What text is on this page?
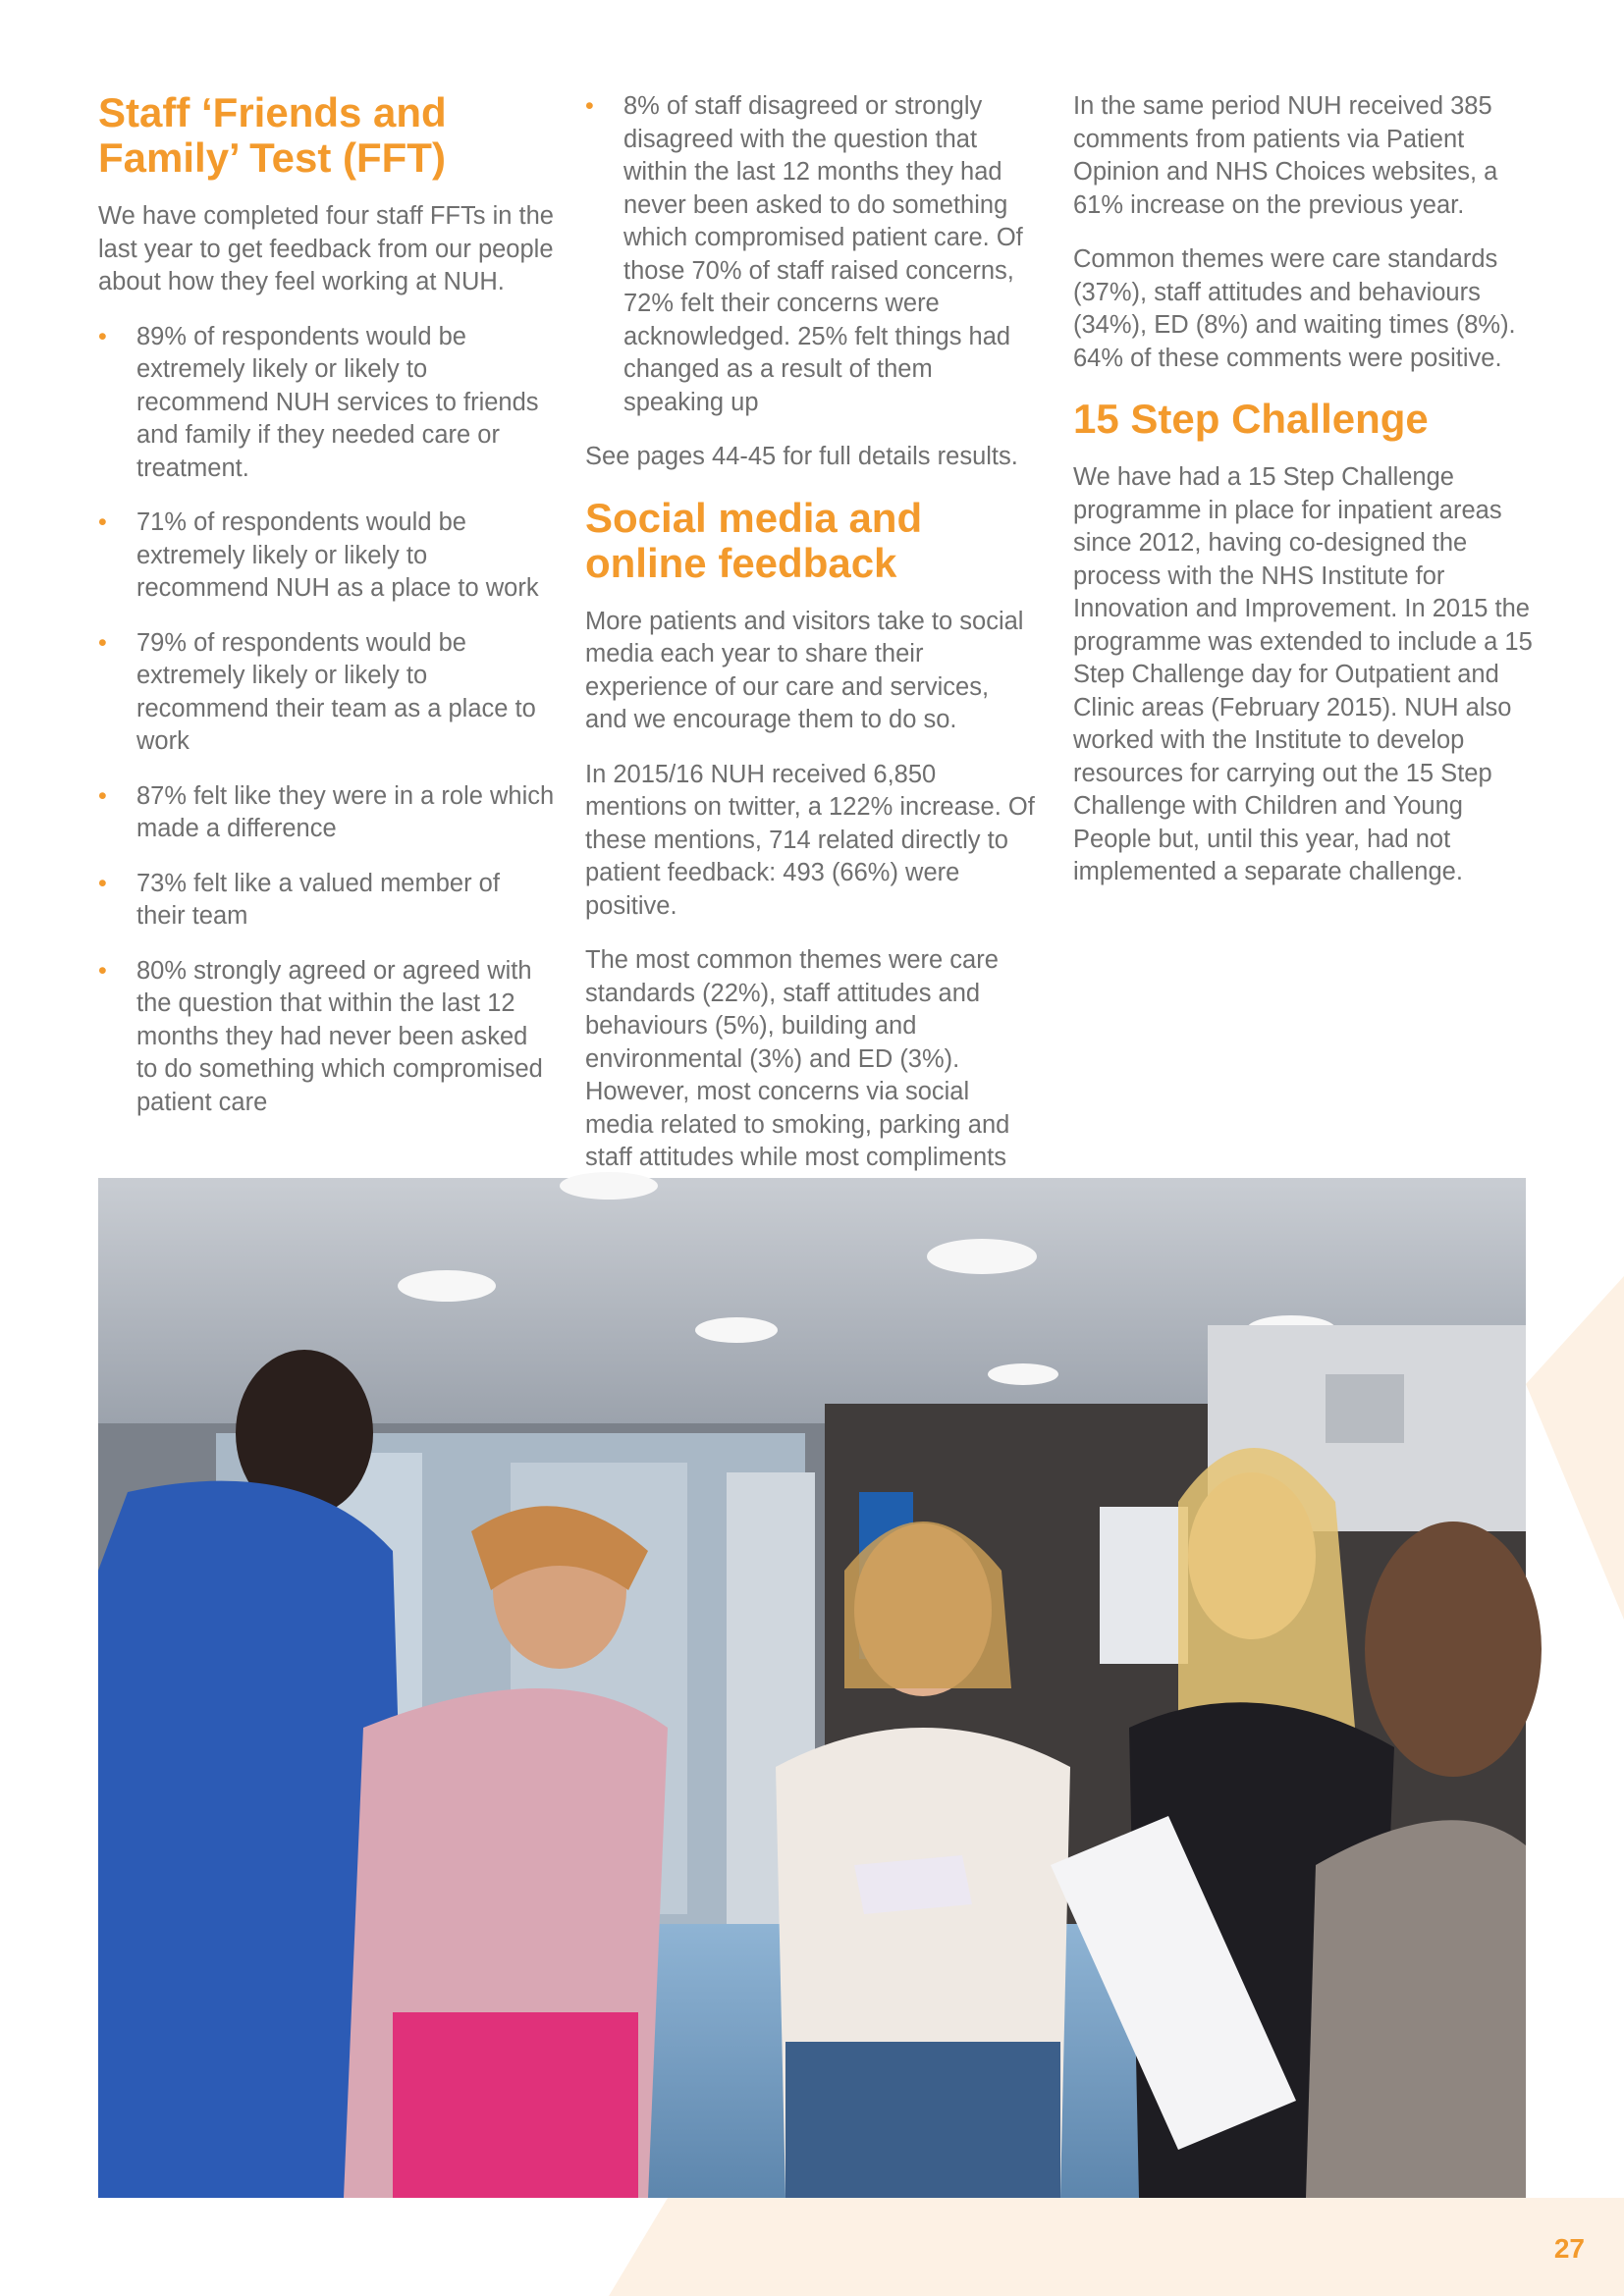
Staff ‘Friends and Family’ Test (FFT)

We have completed four staff FFTs in the last year to get feedback from our people about how they feel working at NUH.

• 89% of respondents would be extremely likely or likely to recommend NUH services to friends and family if they needed care or treatment.
• 71% of respondents would be extremely likely or likely to recommend NUH as a place to work
• 79% of respondents would be extremely likely or likely to recommend their team as a place to work
• 87% felt like they were in a role which made a difference
• 73% felt like a valued member of their team
• 80% strongly agreed or agreed with the question that within the last 12 months they had never been asked to do something which compromised patient care
• 8% of staff disagreed or strongly disagreed with the question that within the last 12 months they had never been asked to do something which compromised patient care. Of those 70% of staff raised concerns, 72% felt their concerns were acknowledged. 25% felt things had changed as a result of them speaking up

See pages 44-45 for full details results.

Social media and online feedback

More patients and visitors take to social media each year to share their experience of our care and services, and we encourage them to do so.

In 2015/16 NUH received 6,850 mentions on twitter, a 122% increase. Of these mentions, 714 related directly to patient feedback: 493 (66%) were positive.

The most common themes were care standards (22%), staff attitudes and behaviours (5%), building and environmental (3%) and ED (3%). However, most concerns via social media related to smoking, parking and staff attitudes while most compliments

In the same period NUH received 385 comments from patients via Patient Opinion and NHS Choices websites, a 61% increase on the previous year.

Common themes were care standards (37%), staff attitudes and behaviours (34%), ED (8%) and waiting times (8%). 64% of these comments were positive.

15 Step Challenge

We have had a 15 Step Challenge programme in place for inpatient areas since 2012, having co-designed the process with the NHS Institute for Innovation and Improvement. In 2015 the programme was extended to include a 15 Step Challenge day for Outpatient and Clinic areas (February 2015). NUH also worked with the Institute to develop resources for carrying out the 15 Step Challenge with Children and Young People but, until this year, had not implemented a separate challenge.

27
